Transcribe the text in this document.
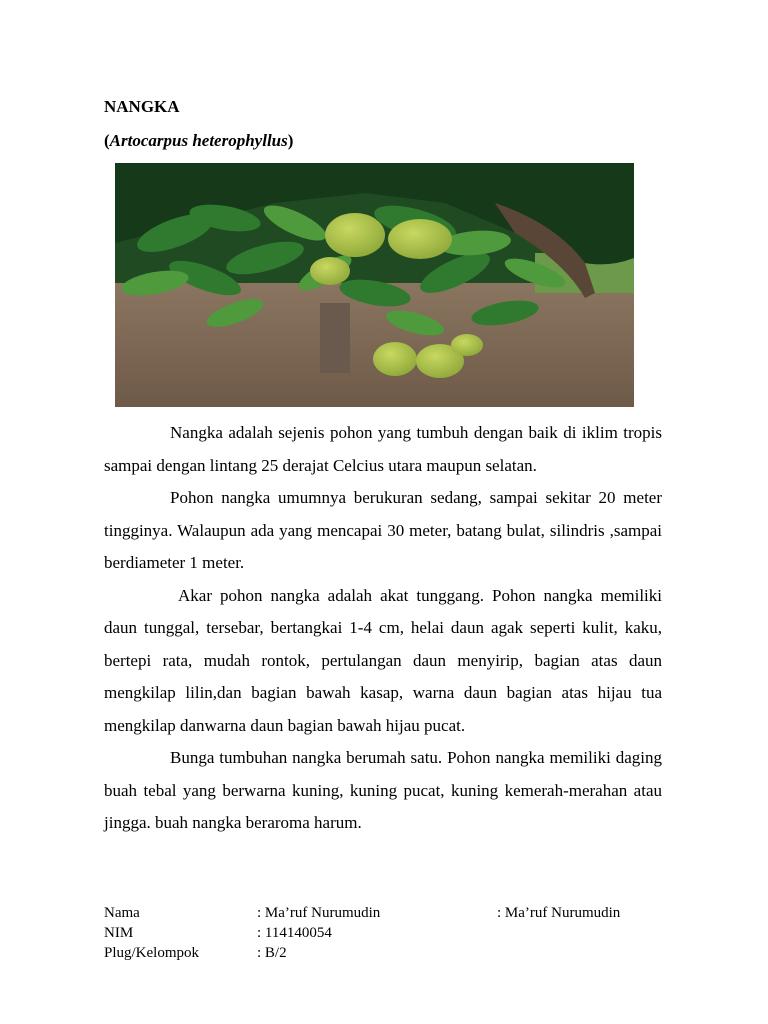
NANGKA
(Artocarpus heterophyllus)

Nangka adalah sejenis pohon yang tumbuh dengan baik di iklim tropis sampai dengan lintang 25 derajat Celcius utara maupun selatan.

Pohon nangka umumnya berukuran sedang, sampai sekitar 20 meter tingginya. Walaupun ada yang mencapai 30 meter, batang bulat, silindris ,sampai berdiameter 1 meter.

Akar pohon nangka adalah akat tunggang. Pohon nangka memiliki daun tunggal, tersebar, bertangkai 1-4 cm, helai daun agak seperti kulit, kaku, bertepi rata, mudah rontok, pertulangan daun menyirip, bagian atas daun mengkilap lilin,dan bagian bawah kasap, warna daun bagian atas hijau tua mengkilap danwarna daun bagian bawah hijau pucat.

Bunga tumbuhan nangka berumah satu. Pohon nangka memiliki daging buah tebal yang berwarna kuning, kuning pucat, kuning kemerah-merahan atau jingga. buah nangka beraroma harum.

Nama	: Ma’ruf Nurumudin	: Ma’ruf Nurumudin
NIM	: 114140054
Plug/Kelompok	: B/2
